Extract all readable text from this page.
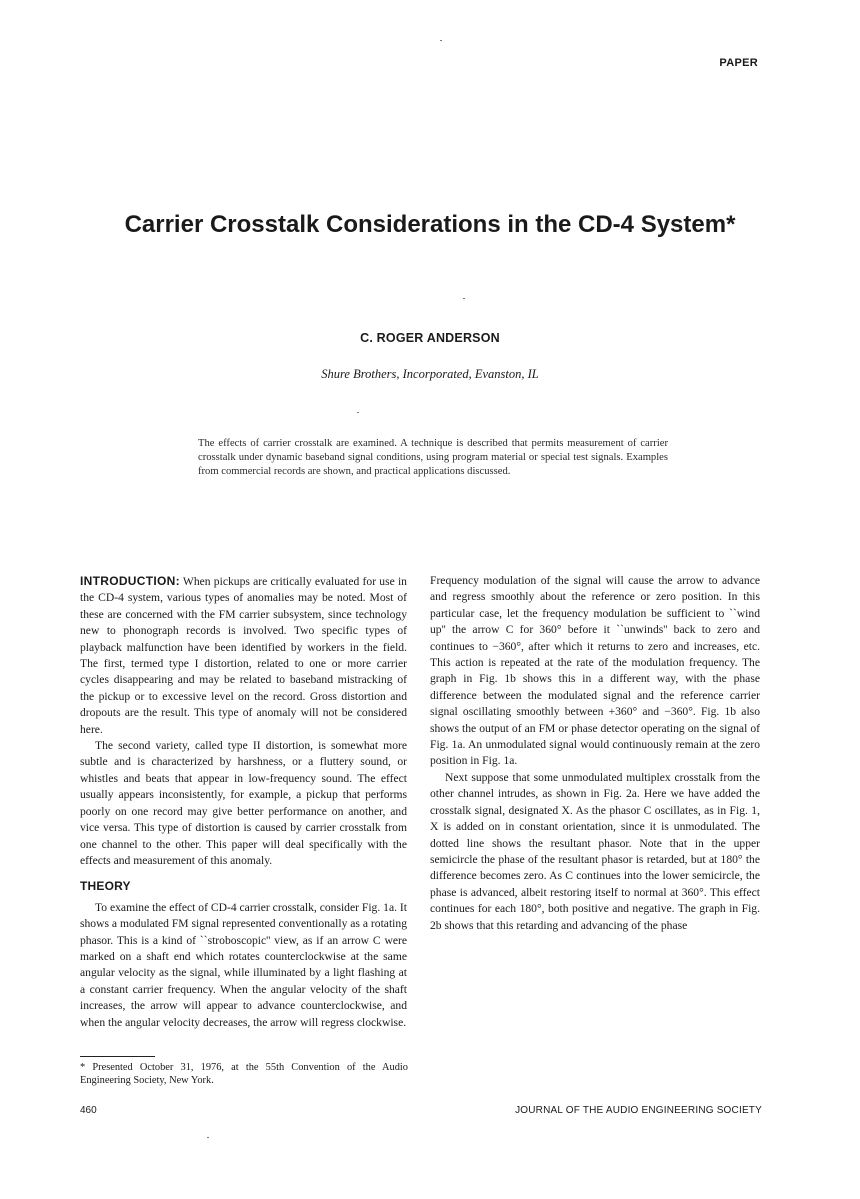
PAPER
Carrier Crosstalk Considerations in the CD-4 System*
C. ROGER ANDERSON
Shure Brothers, Incorporated, Evanston, IL
The effects of carrier crosstalk are examined. A technique is described that permits measurement of carrier crosstalk under dynamic baseband signal conditions, using program material or special test signals. Examples from commercial records are shown, and practical applications discussed.

INTRODUCTION: When pickups are critically evaluated for use in the CD-4 system, various types of anomalies may be noted. Most of these are concerned with the FM carrier subsystem, since technology new to phonograph records is involved. Two specific types of playback malfunction have been identified by workers in the field. The first, termed type I distortion, related to one or more carrier cycles disappearing and may be related to baseband mistracking of the pickup or to excessive level on the record. Gross distortion and dropouts are the result. This type of anomaly will not be considered here.

The second variety, called type II distortion, is somewhat more subtle and is characterized by harshness, or a fluttery sound, or whistles and beats that appear in low-frequency sound. The effect usually appears inconsistently, for example, a pickup that performs poorly on one record may give better performance on another, and vice versa. This type of distortion is caused by carrier crosstalk from one channel to the other. This paper will deal specifically with the effects and measurement of this anomaly.

THEORY

To examine the effect of CD-4 carrier crosstalk, consider Fig. 1a. It shows a modulated FM signal represented conventionally as a rotating phasor. This is a kind of ``stroboscopic'' view, as if an arrow C were marked on a shaft end which rotates counterclockwise at the same angular velocity as the signal, while illuminated by a light flashing at a constant carrier frequency. When the angular velocity of the shaft increases, the arrow will appear to advance counterclockwise, and when the angular velocity decreases, the arrow will regress clockwise.

Frequency modulation of the signal will cause the arrow to advance and regress smoothly about the reference or zero position. In this particular case, let the frequency modulation be sufficient to ``wind up'' the arrow C for 360° before it ``unwinds'' back to zero and continues to −360°, after which it returns to zero and increases, etc. This action is repeated at the rate of the modulation frequency. The graph in Fig. 1b shows this in a different way, with the phase difference between the modulated signal and the reference carrier signal oscillating smoothly between +360° and −360°. Fig. 1b also shows the output of an FM or phase detector operating on the signal of Fig. 1a. An unmodulated signal would continuously remain at the zero position in Fig. 1a.

Next suppose that some unmodulated multiplex crosstalk from the other channel intrudes, as shown in Fig. 2a. Here we have added the crosstalk signal, designated X. As the phasor C oscillates, as in Fig. 1, X is added on in constant orientation, since it is unmodulated. The dotted line shows the resultant phasor. Note that in the upper semicircle the phase of the resultant phasor is retarded, but at 180° the difference becomes zero. As C continues into the lower semicircle, the phase is advanced, albeit restoring itself to normal at 360°. This effect continues for each 180°, both positive and negative. The graph in Fig. 2b shows that this retarding and advancing of the phase

* Presented October 31, 1976, at the 55th Convention of the Audio Engineering Society, New York.
460	JOURNAL OF THE AUDIO ENGINEERING SOCIETY
